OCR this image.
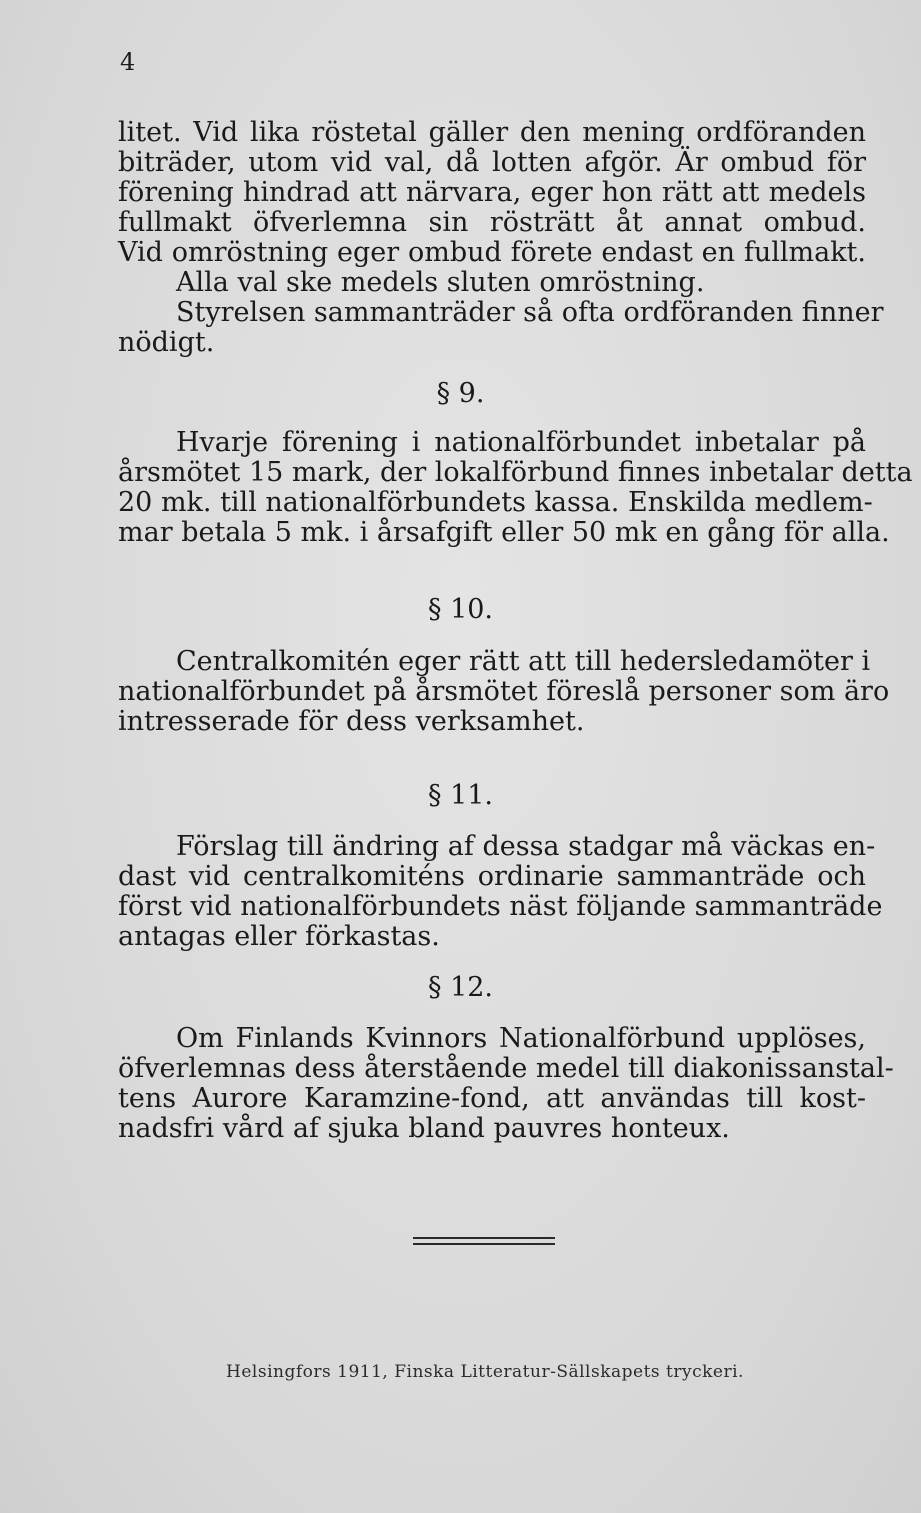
4
litet. Vid lika röstetal gäller den mening ordföranden
biträder, utom vid val, då lotten afgör. Är ombud för
förening hindrad att närvara, eger hon rätt att medels
fullmakt öfverlemna sin rösträtt åt annat ombud.
Vid omröstning eger ombud förete endast en fullmakt.
Alla val ske medels sluten omröstning.
Styrelsen sammanträder så ofta ordföranden finner
nödigt.
§ 9.
Hvarje förening i nationalförbundet inbetalar på
årsmötet 15 mark, der lokalförbund finnes inbetalar detta
20 mk. till nationalförbundets kassa. Enskilda medlem-
mar betala 5 mk. i årsafgift eller 50 mk en gång för alla.
§ 10.
Centralkomitén eger rätt att till hedersledamöter i
nationalförbundet på årsmötet föreslå personer som äro
intresserade för dess verksamhet.
§ 11.
Förslag till ändring af dessa stadgar må väckas en-
dast vid centralkomiténs ordinarie sammanträde och
först vid nationalförbundets näst följande sammanträde
antagas eller förkastas.
§ 12.
Om Finlands Kvinnors Nationalförbund upplöses,
öfverlemnas dess återstående medel till diakonissanstal-
tens Aurore Karamzine-fond, att användas till kost-
nadsfri vård af sjuka bland pauvres honteux.
Helsingfors 1911, Finska Litteratur-Sällskapets tryckeri.
